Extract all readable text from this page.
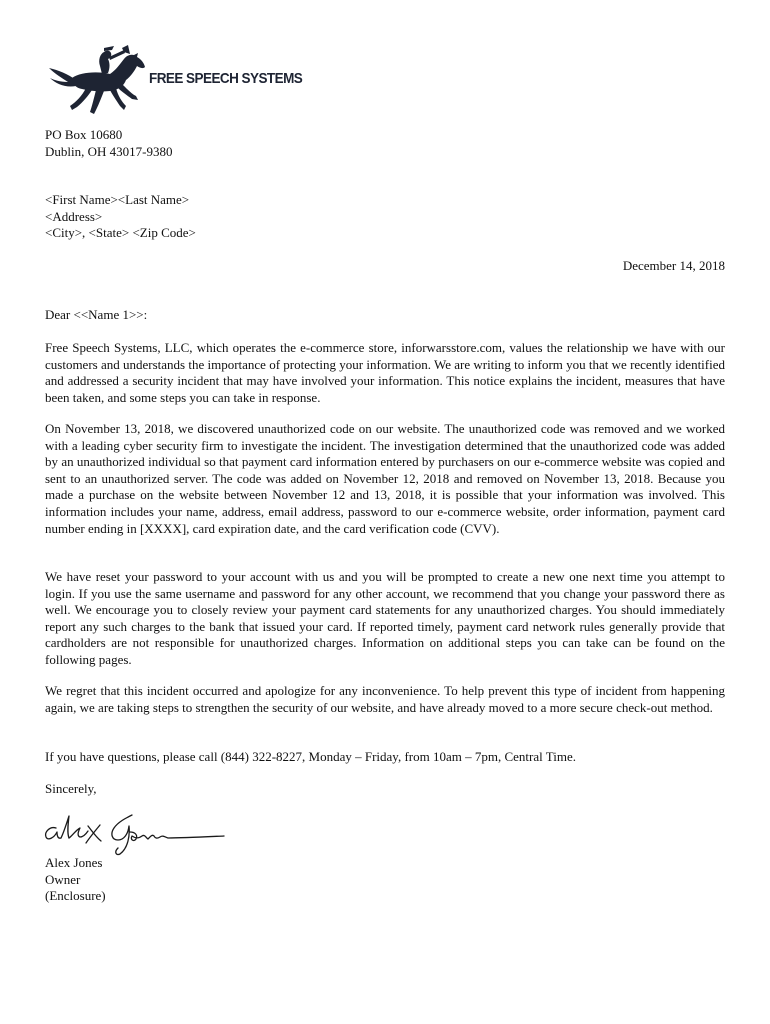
FREE SPEECH SYSTEMS
PO Box 10680
Dublin, OH 43017-9380
<First Name><Last Name>
<Address>
<City>, <State> <Zip Code>
December 14, 2018
Dear <<Name 1>>:

Free Speech Systems, LLC, which operates the e-commerce store, inforwarsstore.com, values the relationship we have with our customers and understands the importance of protecting your information. We are writing to inform you that we recently identified and addressed a security incident that may have involved your information. This notice explains the incident, measures that have been taken, and some steps you can take in response.

On November 13, 2018, we discovered unauthorized code on our website. The unauthorized code was removed and we worked with a leading cyber security firm to investigate the incident. The investigation determined that the unauthorized code was added by an unauthorized individual so that payment card information entered by purchasers on our e-commerce website was copied and sent to an unauthorized server. The code was added on November 12, 2018 and removed on November 13, 2018. Because you made a purchase on the website between November 12 and 13, 2018, it is possible that your information was involved. This information includes your name, address, email address, password to our e-commerce website, order information, payment card number ending in [XXXX], card expiration date, and the card verification code (CVV).

We have reset your password to your account with us and you will be prompted to create a new one next time you attempt to login. If you use the same username and password for any other account, we recommend that you change your password there as well. We encourage you to closely review your payment card statements for any unauthorized charges. You should immediately report any such charges to the bank that issued your card. If reported timely, payment card network rules generally provide that cardholders are not responsible for unauthorized charges. Information on additional steps you can take can be found on the following pages.

We regret that this incident occurred and apologize for any inconvenience. To help prevent this type of incident from happening again, we are taking steps to strengthen the security of our website, and have already moved to a more secure check-out method.

If you have questions, please call (844) 322-8227, Monday – Friday, from 10am – 7pm, Central Time.

Sincerely,
Alex Jones
Owner
(Enclosure)
